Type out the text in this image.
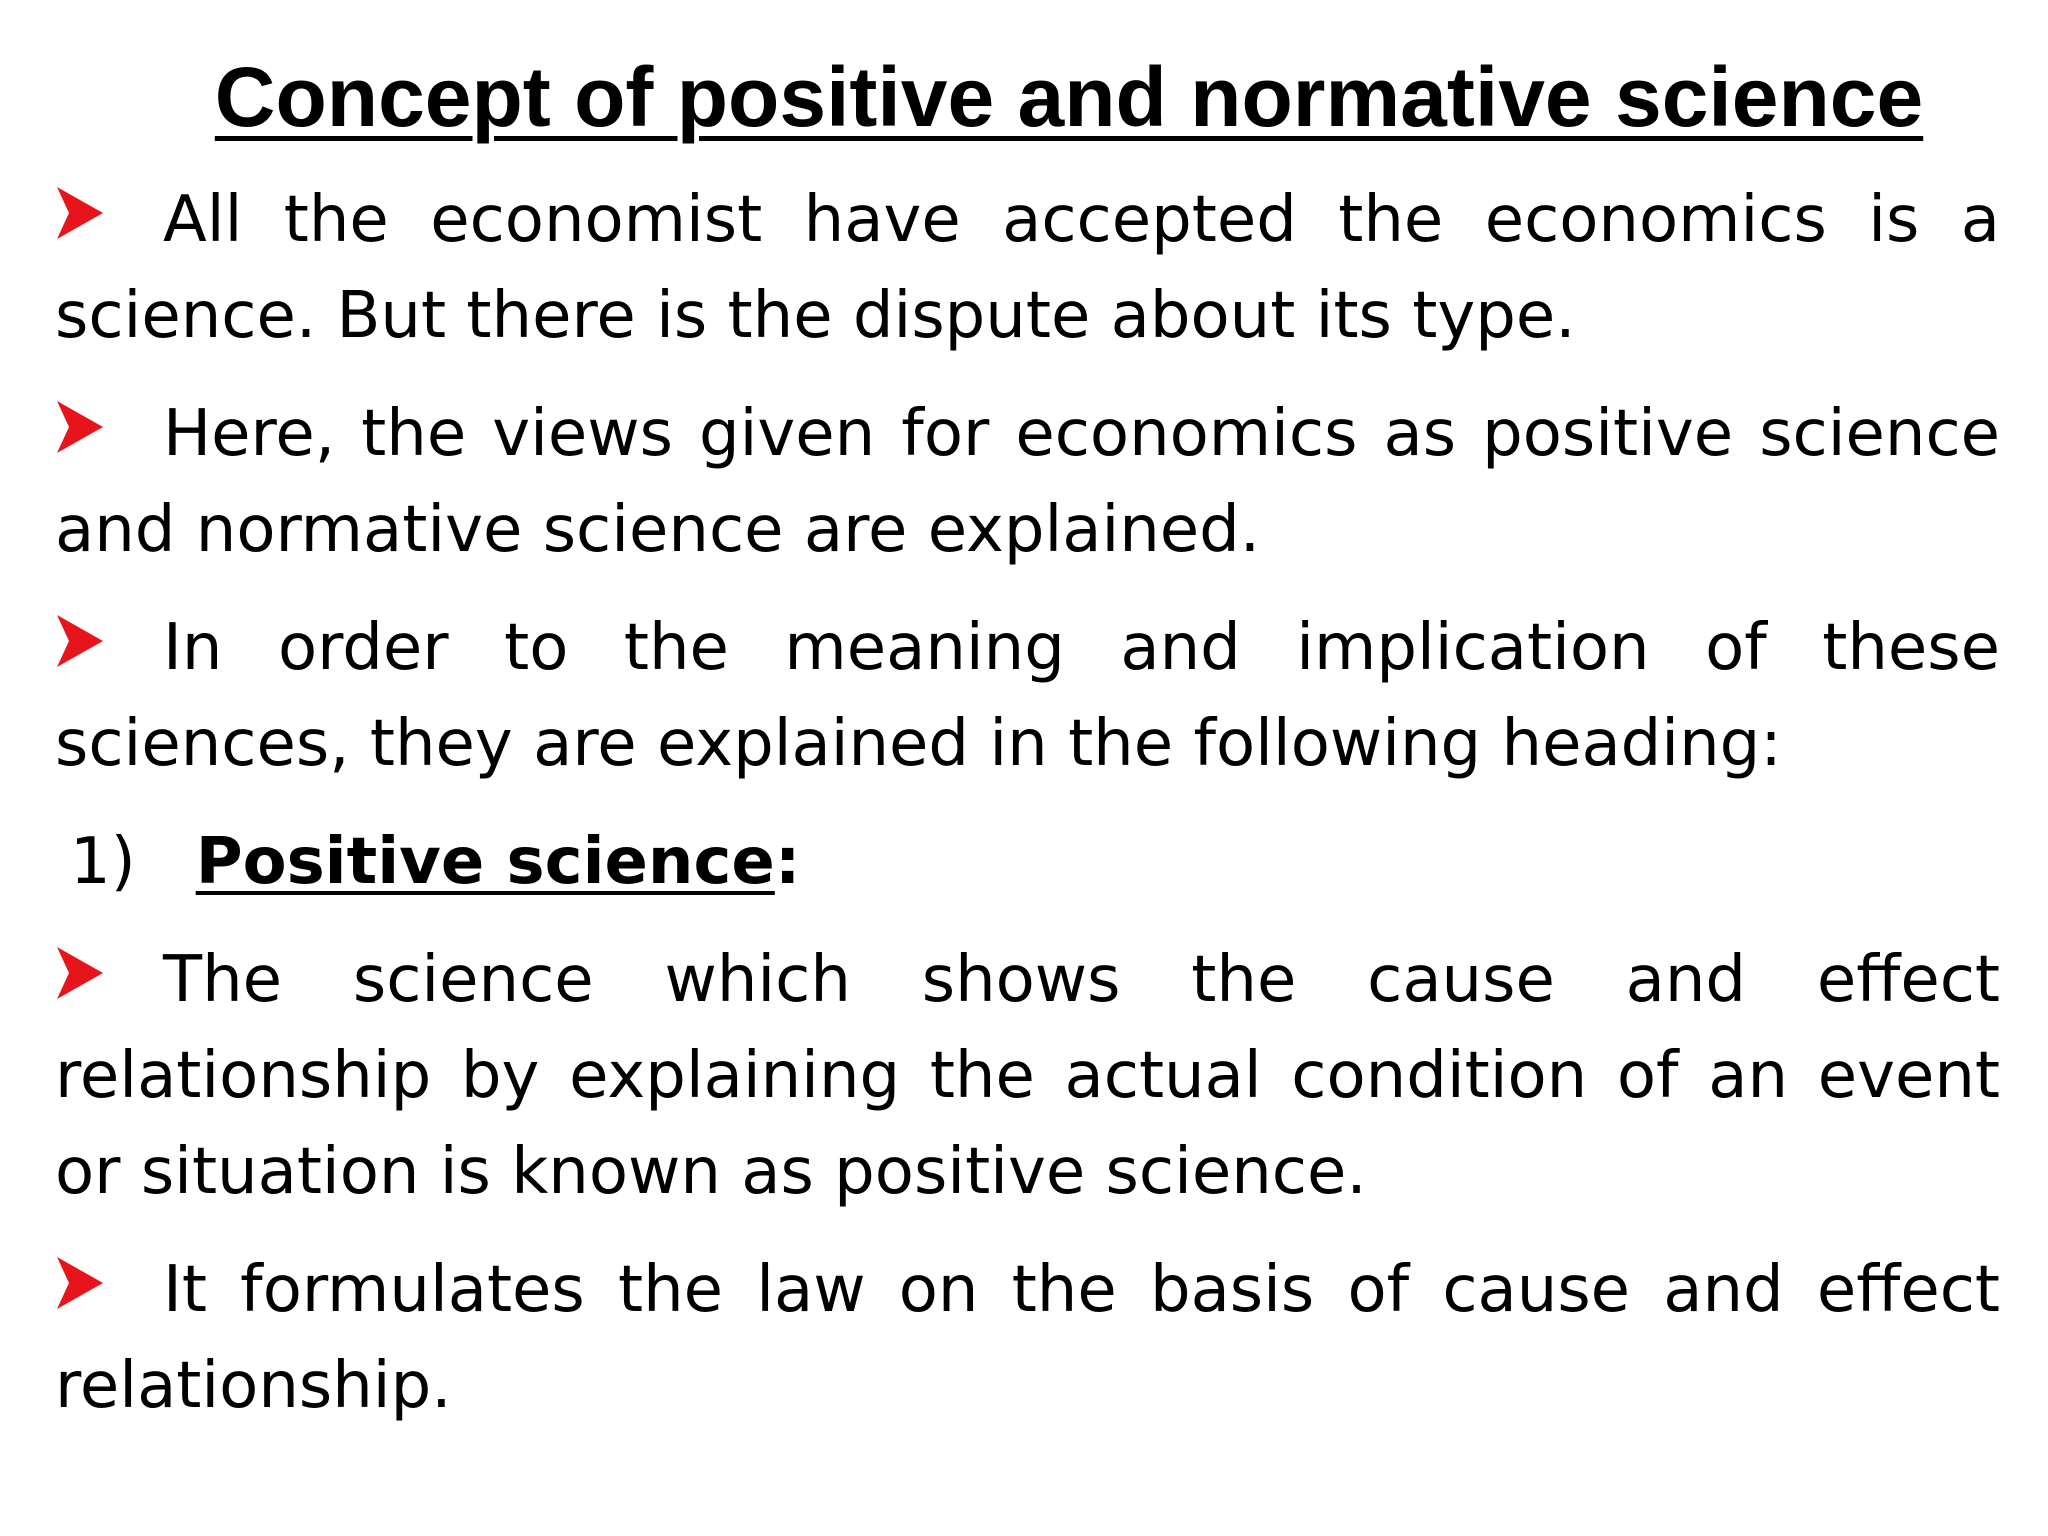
Concept of positive and normative science

All the economist have accepted the economics is a science. But there is the dispute about its type.

Here, the views given for economics as positive science and normative science are explained.

In order to the meaning and implication of these sciences, they are explained in the following heading:

1) Positive science:

The science which shows the cause and effect relationship by explaining the actual condition of an event or situation is known as positive science.

It formulates the law on the basis of cause and effect relationship.
